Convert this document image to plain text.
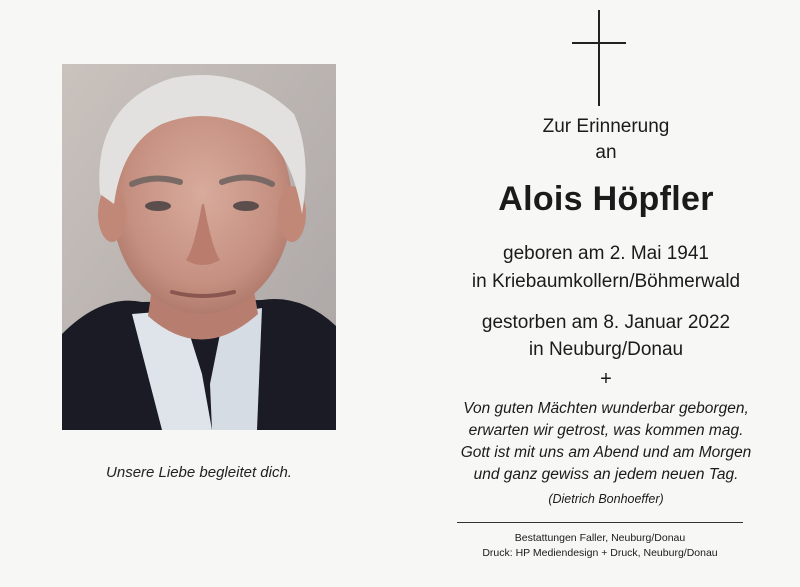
Unsere Liebe begleitet dich.
Zur Erinnerung
an
Alois Höpfler
geboren am 2. Mai 1941
in Kriebaumkollern/Böhmerwald
gestorben am 8. Januar 2022
in Neuburg/Donau
+
Von guten Mächten wunderbar geborgen,
erwarten wir getrost, was kommen mag.
Gott ist mit uns am Abend und am Morgen
und ganz gewiss an jedem neuen Tag.
(Dietrich Bonhoeffer)
Bestattungen Faller, Neuburg/Donau
Druck: HP Mediendesign + Druck, Neuburg/Donau
